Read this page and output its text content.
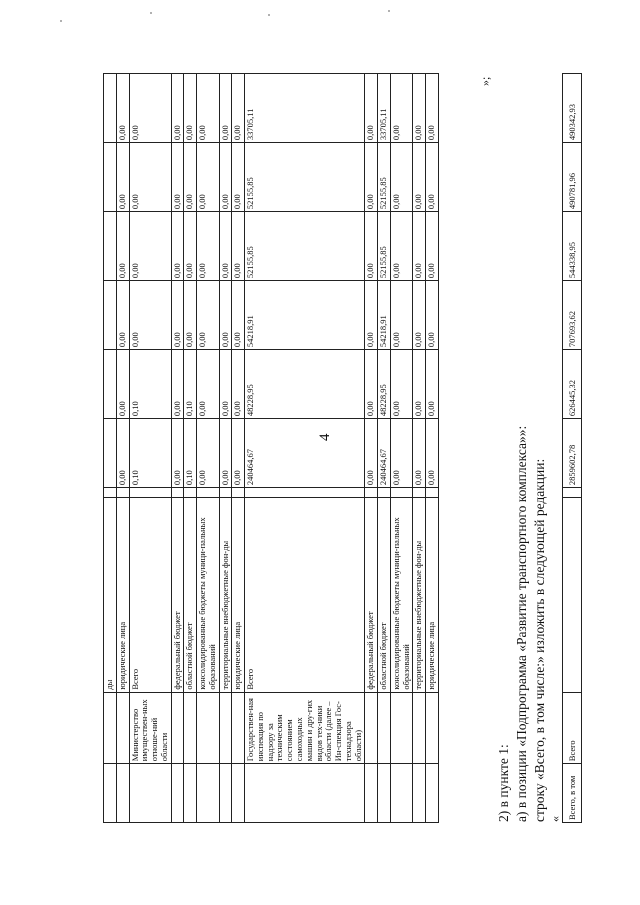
4
		ды							
		юридические лица		0,00	0,00	0,00	0,00	0,00	0,00
	Министерство имуществен-ных отноше-ний области	Всего		0,10	0,10	0,00	0,00	0,00	0,00
		федеральный бюджет		0,00	0,00	0,00	0,00	0,00	0,00
		областной бюджет		0,10	0,10	0,00	0,00	0,00	0,00
		консолидированные бюджеты муници-пальных образований		0,00	0,00	0,00	0,00	0,00	0,00
		территориальные внебюджетные фон-ды		0,00	0,00	0,00	0,00	0,00	0,00
		юридические лица		0,00	0,00	0,00	0,00	0,00	0,00
	Государствен-ная инспекция по надзору за техническим состоянием самоходных машин и дру-гих видов тех-ники области (далее – Ин-спекция Гос-технадзора области)	Всего		240464,67	48228,95	54218,91	52155,85	52155,85	33705,11
		федеральный бюджет		0,00	0,00	0,00	0,00	0,00	0,00
		областной бюджет		240464,67	48228,95	54218,91	52155,85	52155,85	33705,11
		консолидированные бюджеты муници-пальных образований		0,00	0,00	0,00	0,00	0,00	0,00
		территориальные внебюджетные фон-ды		0,00	0,00	0,00	0,00	0,00	0,00
		юридические лица		0,00	0,00	0,00	0,00	0,00	0,00
»;
2) в пункте 1: а) в позиции «Подпрограмма «Развитие транспортного комплекса»»: строку «Всего, в том числе:» изложить в следующей редакции: « Всего, в том	Всего			2859602,78	626445,32	707693,62	544338,95	490781,96	490342,93
